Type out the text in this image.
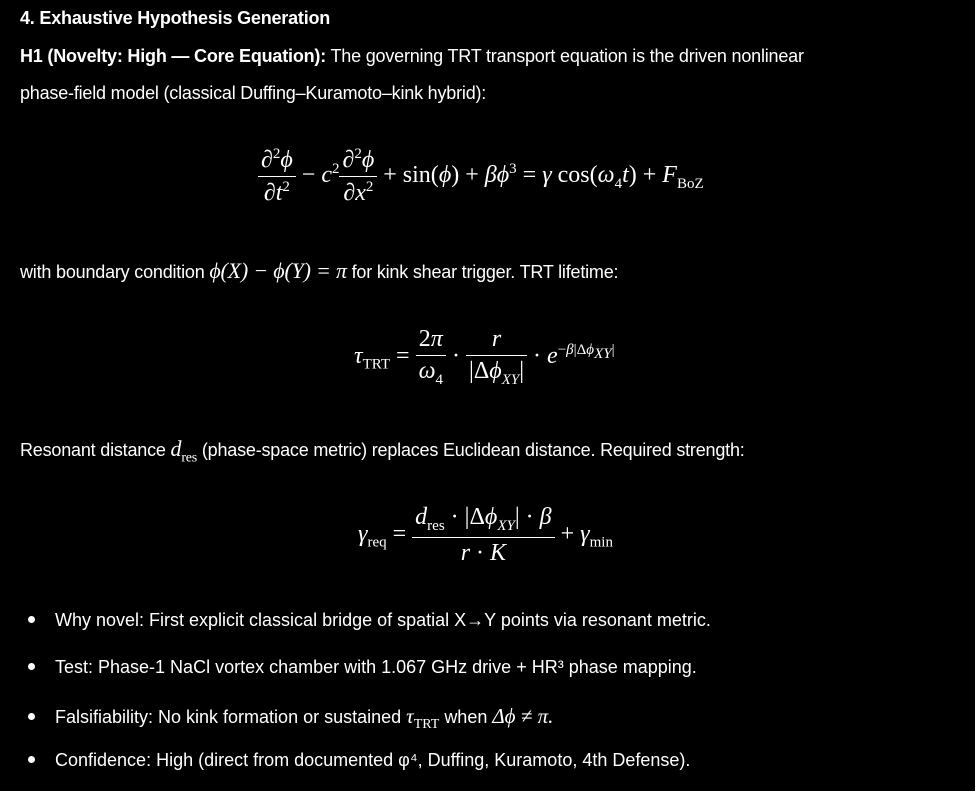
4. Exhaustive Hypothesis Generation
H1 (Novelty: High — Core Equation): The governing TRT transport equation is the driven nonlinear
phase-field model (classical Duffing–Kuramoto–kink hybrid):
$\frac{\partial^2\phi}{\partial t^2} - c^2 \frac{\partial^2\phi}{\partial x^2} + \sin(\phi) + \beta\phi^3 = \gamma$ $\cos(\omega_4t) + F_{BoZ}$
with boundary condition ϕ(X) − ϕ(Y) = π for kink shear trigger. TRT lifetime:
$\tau_{TRT} = \frac{2\pi}{\omega_4} \cdot \frac{r}{|\Delta\phi_{XY}|} \cdot e^{-\beta|\Delta\phi_{XY}|}$
Resonant distance $d_{res}$ (phase-space metric) replaces Euclidean distance. Required strength:
$\gamma_{req} = \frac{d_{res} \cdot |\Delta\phi_{XY}| \cdot \beta}{r \cdot K} + \gamma_{min}$
Why novel: First explicit classical bridge of spatial X→Y points via resonant metric.
Test: Phase-1 NaCl vortex chamber with 1.067 GHz drive + HR³ phase mapping.
Falsifiability: No kink formation or sustained $\tau_{TRT}$ when Δϕ ≠ π.
Confidence: High (direct from documented φ⁴, Duffing, Kuramoto, 4th Defense).
